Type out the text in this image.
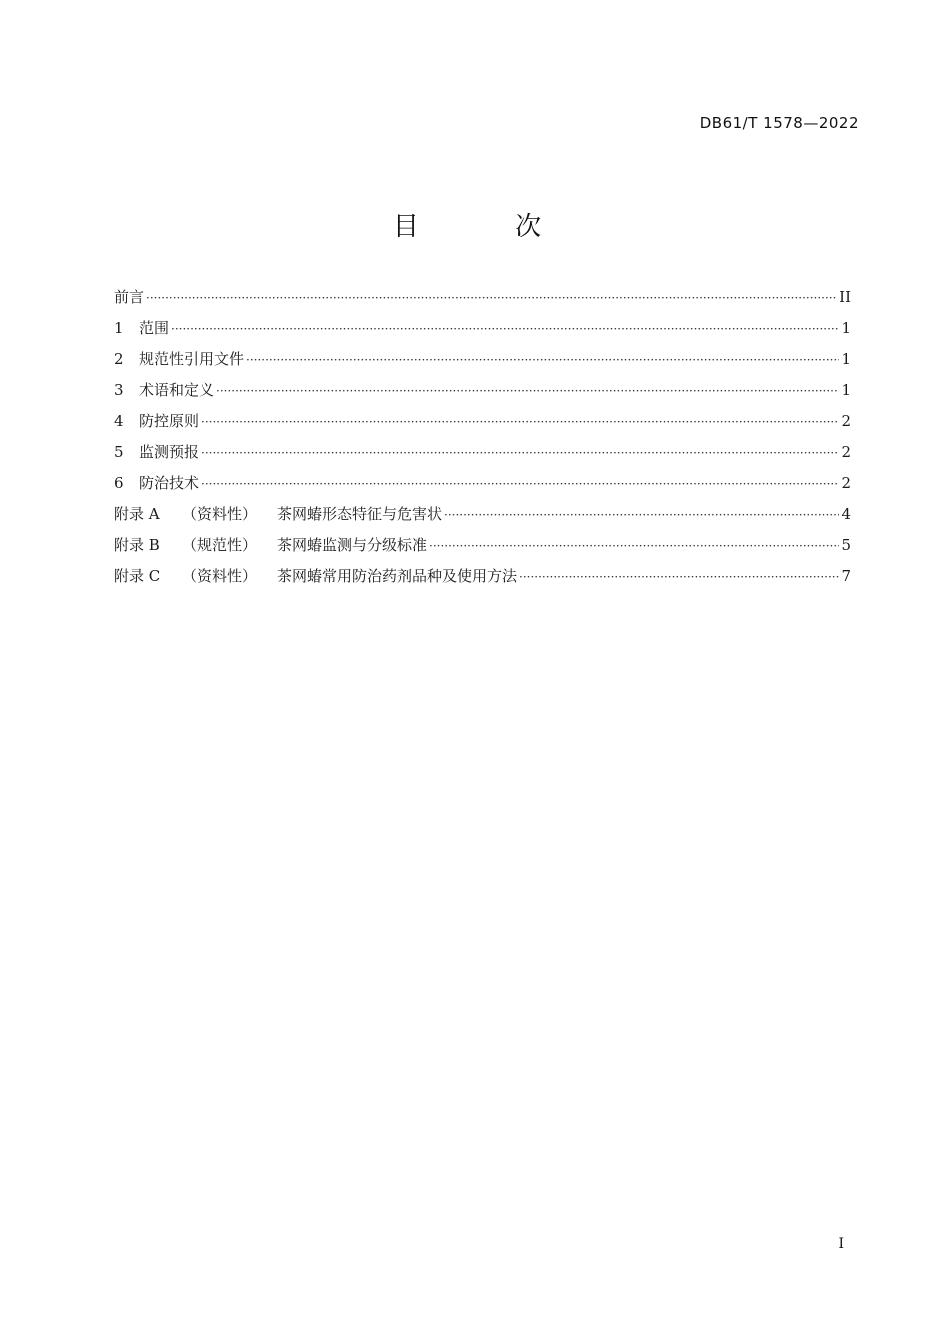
DB61/T 1578—2022
目 次
前言 ·····	II
1	范围 ·····	1
2	规范性引用文件 ·····	1
3	术语和定义 ·····	1
4	防控原则 ·····	2
5	监测预报 ·····	2
6	防治技术 ·····	2
附录 A	（资料性）	茶网蝽形态特征与危害状 ·····	4
附录 B	（规范性）	茶网蝽监测与分级标准 ·····	5
附录 C	（资料性）	茶网蝽常用防治药剂品种及使用方法 ·····	7
I
